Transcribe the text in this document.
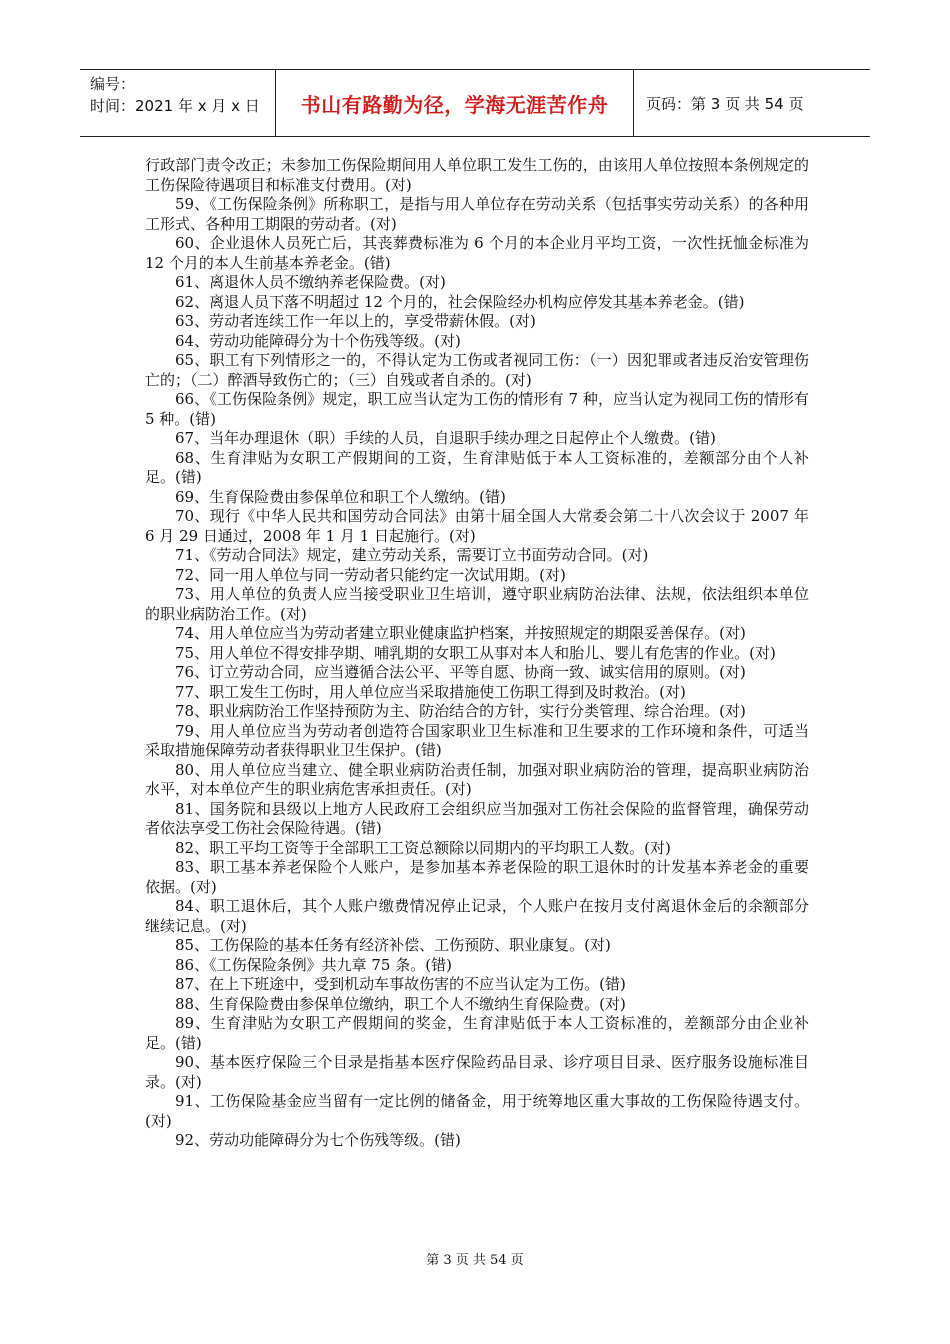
编号：
时间：2021 年 x 月 x 日	书山有路勤为径，学海无涯苦作舟	页码：第 3 页 共 54 页

行政部门责令改正；未参加工伤保险期间用人单位职工发生工伤的，由该用人单位按照本条例规定的工伤保险待遇项目和标准支付费用。(对)

59、《工伤保险条例》所称职工，是指与用人单位存在劳动关系（包括事实劳动关系）的各种用工形式、各种用工期限的劳动者。(对)

60、企业退休人员死亡后，其丧葬费标准为 6 个月的本企业月平均工资，一次性抚恤金标准为 12 个月的本人生前基本养老金。(错)

61、离退休人员不缴纳养老保险费。(对)

62、离退人员下落不明超过 12 个月的，社会保险经办机构应停发其基本养老金。(错)

63、劳动者连续工作一年以上的，享受带薪休假。(对)

64、劳动功能障碍分为十个伤残等级。(对)

65、职工有下列情形之一的，不得认定为工伤或者视同工伤：（一）因犯罪或者违反治安管理伤亡的；（二）醉酒导致伤亡的；（三）自残或者自杀的。(对)

66、《工伤保险条例》规定，职工应当认定为工伤的情形有 7 种，应当认定为视同工伤的情形有 5 种。(错)

67、当年办理退休（职）手续的人员，自退职手续办理之日起停止个人缴费。(错)

68、生育津贴为女职工产假期间的工资，生育津贴低于本人工资标准的，差额部分由个人补足。(错)

69、生育保险费由参保单位和职工个人缴纳。(错)

70、现行《中华人民共和国劳动合同法》由第十届全国人大常委会第二十八次会议于 2007 年 6 月 29 日通过，2008 年 1 月 1 日起施行。(对)

71、《劳动合同法》规定，建立劳动关系，需要订立书面劳动合同。(对)

72、同一用人单位与同一劳动者只能约定一次试用期。(对)

73、用人单位的负责人应当接受职业卫生培训，遵守职业病防治法律、法规，依法组织本单位的职业病防治工作。(对)

74、用人单位应当为劳动者建立职业健康监护档案，并按照规定的期限妥善保存。(对)

75、用人单位不得安排孕期、哺乳期的女职工从事对本人和胎儿、婴儿有危害的作业。(对)

76、订立劳动合同，应当遵循合法公平、平等自愿、协商一致、诚实信用的原则。(对)

77、职工发生工伤时，用人单位应当采取措施使工伤职工得到及时救治。(对)

78、职业病防治工作坚持预防为主、防治结合的方针，实行分类管理、综合治理。(对)

79、用人单位应当为劳动者创造符合国家职业卫生标准和卫生要求的工作环境和条件，可适当采取措施保障劳动者获得职业卫生保护。(错)

80、用人单位应当建立、健全职业病防治责任制，加强对职业病防治的管理，提高职业病防治水平，对本单位产生的职业病危害承担责任。(对)

81、国务院和县级以上地方人民政府工会组织应当加强对工伤社会保险的监督管理，确保劳动者依法享受工伤社会保险待遇。(错)

82、职工平均工资等于全部职工工资总额除以同期内的平均职工人数。(对)

83、职工基本养老保险个人账户，是参加基本养老保险的职工退休时的计发基本养老金的重要依据。(对)

84、职工退休后，其个人账户缴费情况停止记录，个人账户在按月支付离退休金后的余额部分继续记息。(对)

85、工伤保险的基本任务有经济补偿、工伤预防、职业康复。(对)

86、《工伤保险条例》共九章 75 条。(错)

87、在上下班途中，受到机动车事故伤害的不应当认定为工伤。(错)

88、生育保险费由参保单位缴纳，职工个人不缴纳生育保险费。(对)

89、生育津贴为女职工产假期间的奖金，生育津贴低于本人工资标准的，差额部分由企业补足。(错)

90、基本医疗保险三个目录是指基本医疗保险药品目录、诊疗项目目录、医疗服务设施标准目录。(对)

91、工伤保险基金应当留有一定比例的储备金，用于统筹地区重大事故的工伤保险待遇支付。(对)

92、劳动功能障碍分为七个伤残等级。(错)

第 3 页 共 54 页
